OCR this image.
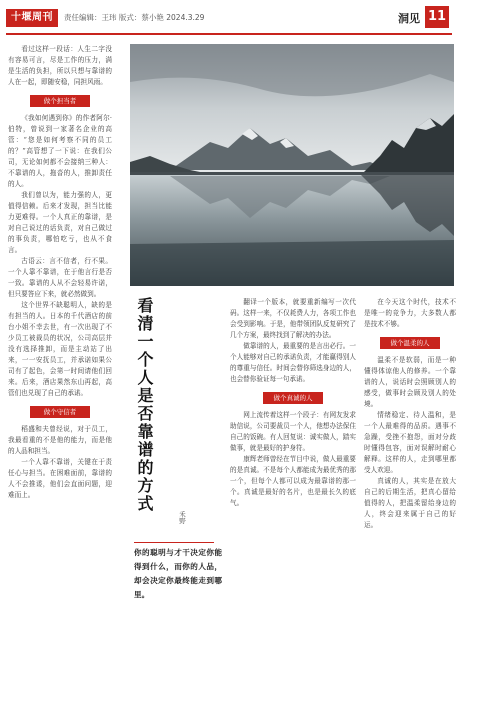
十堰周刊	责任编辑：王玮 版式：蔡小艳 2024.3.29	洞见 11

看过这样一段话：人生二字没有容易可言，尽是工作的压力，满是生活的负担，所以只想与靠谱的人在一起，即随安稳，同担风雨。

做个担当者

《我如何遇到你》的作者阿尔·伯特，曾说到一家著名企业的高管：“您是如何考察不同的员工的？”高管想了一下说：在我们公司，无论如何都不会接纳三种人：不靠谱的人，拖沓的人，推卸责任的人。

我们曾以为，能力强的人，更值得信赖。后来才发现，担当比能力更难得。一个人真正的靠谱，是对自己说过的话负责，对自己做过的事负责，哪怕吃亏，也从不食言。

古语云：言不信者，行不果。一个人靠不靠谱，在于他言行是否一致。靠谱的人从不会轻易许诺，但只要答应下来，就必然做到。

这个世界不缺聪明人，缺的是有担当的人。日本的千代酒店的前台小姐不幸去世，有一次出现了不少员工被裁员的状况，公司高层并没有选择推卸，而是主动站了出来，一一安抚员工，并承诺如果公司有了起色，会第一时间请他们回来。后来，酒店果然东山再起，高管们也兑现了自己的承诺。

做个守信者

稻盛和夫曾经说，对于员工，我最看重的不是他的能力，而是他的人品和担当。

一个人靠不靠谱，关键在于责任心与担当。在困难面前，靠谱的人不会推诿，他们会直面问题，迎难而上。	看清一个人是否靠谱的方式
禾野
你的聪明与才干决定你能得到什么，而你的人品，却会决定你最终能走到哪里。

翻译一个版本，就要重新编写一次代码。这样一来，不仅耗费人力，各项工作也会受到影响。于是，他带领团队反复研究了几个方案，最终找到了解决的办法。

做靠谱的人，最重要的是言出必行。一个人能够对自己的承诺负责，才能赢得别人的尊重与信任。时间会替你筛选身边的人，也会替你验证每一句承诺。

做个真诚的人

网上流传着这样一个段子：有网友发求助信说，公司要裁员一个人，他想办法保住自己的饭碗。有人回复说：诚实做人，踏实做事，就是最好的护身符。

康辉老师曾经在节目中说，做人最重要的是真诚。不是每个人都能成为最优秀的那一个，但每个人都可以成为最靠谱的那一个。真诚是最好的名片，也是最长久的底气。

在今天这个时代，技术不是唯一的竞争力，大多数人都是技术不够。

做个温柔的人

温柔不是软弱，而是一种懂得体谅他人的修养。一个靠谱的人，说话时会照顾别人的感受，做事时会顾及别人的处境。

情绪稳定、待人温和，是一个人最难得的品质。遇事不急躁，受挫不抱怨，面对分歧时懂得包容，面对误解时耐心解释。这样的人，走到哪里都受人欢迎。

真诚的人，其实是在放大自己的后期生活，把真心留给值得的人，把温柔留给身边的人，终会迎来属于自己的好运。
